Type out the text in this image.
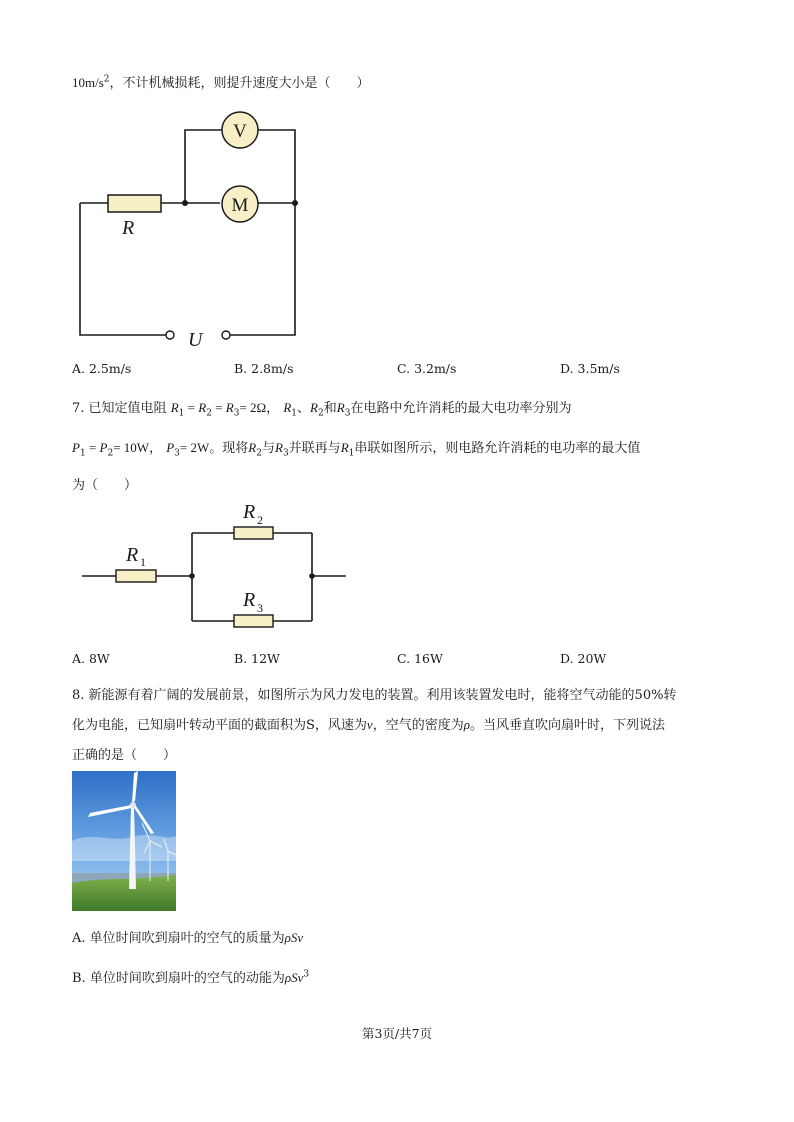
$10m/s^2$，不计机械损耗，则提升速度大小是（　　）
V
M
R
U
A. 2.5m/s	B. 2.8m/s	C. 3.2m/s	D. 3.5m/s
7. 已知定值电阻 $R_1 = R_2 = R_3= 2\Omega$， $R_1$、$R_2$和$R_3$在电路中允许消耗的最大电功率分别为
$P_1 = P_2= 10W$， $P_3= 2W$。现将$R_2$与$R_3$并联再与$R_1$串联如图所示，则电路允许消耗的电功率的最大值
为（　　）
R 1
R 2
R 3
A. 8W	B. 12W	C. 16W	D. 20W
8. 新能源有着广阔的发展前景，如图所示为风力发电的装置。利用该装置发电时，能将空气动能的50%转
化为电能，已知扇叶转动平面的截面积为S，风速为v，空气的密度为ρ。当风垂直吹向扇叶时，下列说法
正确的是（　　）
A. 单位时间吹到扇叶的空气的质量为ρSv
B. 单位时间吹到扇叶的空气的动能为ρSv$^3$
第3页/共7页
